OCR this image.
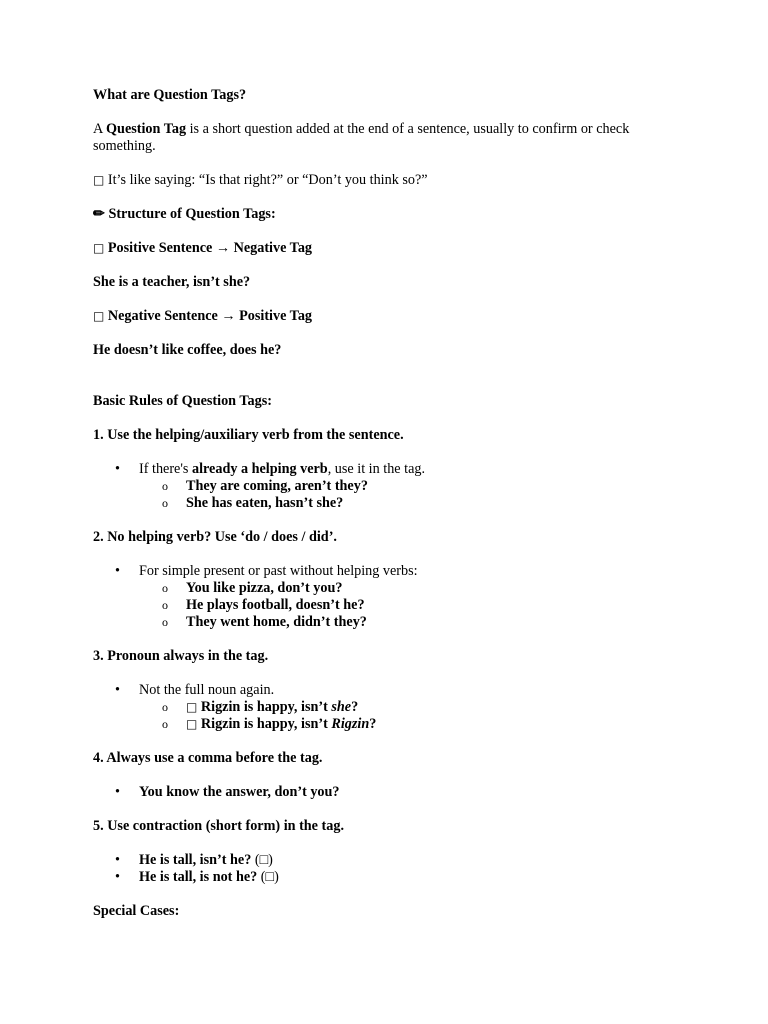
What are Question Tags?

A Question Tag is a short question added at the end of a sentence, usually to confirm or check something.

□ It’s like saying: “Is that right?” or “Don’t you think so?”

✏ Structure of Question Tags:

□ Positive Sentence → Negative Tag

She is a teacher, isn’t she?

□ Negative Sentence → Positive Tag

He doesn’t like coffee, does he?

Basic Rules of Question Tags:

1. Use the helping/auxiliary verb from the sentence.

• If there's already a helping verb, use it in the tag.
o They are coming, aren’t they?
o She has eaten, hasn’t she?

2. No helping verb? Use ‘do / does / did’.

• For simple present or past without helping verbs:
o You like pizza, don’t you?
o He plays football, doesn’t he?
o They went home, didn’t they?

3. Pronoun always in the tag.

• Not the full noun again.
o □ Rigzin is happy, isn’t she?
o □ Rigzin is happy, isn’t Rigzin?

4. Always use a comma before the tag.

• You know the answer, don’t you?

5. Use contraction (short form) in the tag.

• He is tall, isn’t he? (□)
• He is tall, is not he? (□)

Special Cases:
